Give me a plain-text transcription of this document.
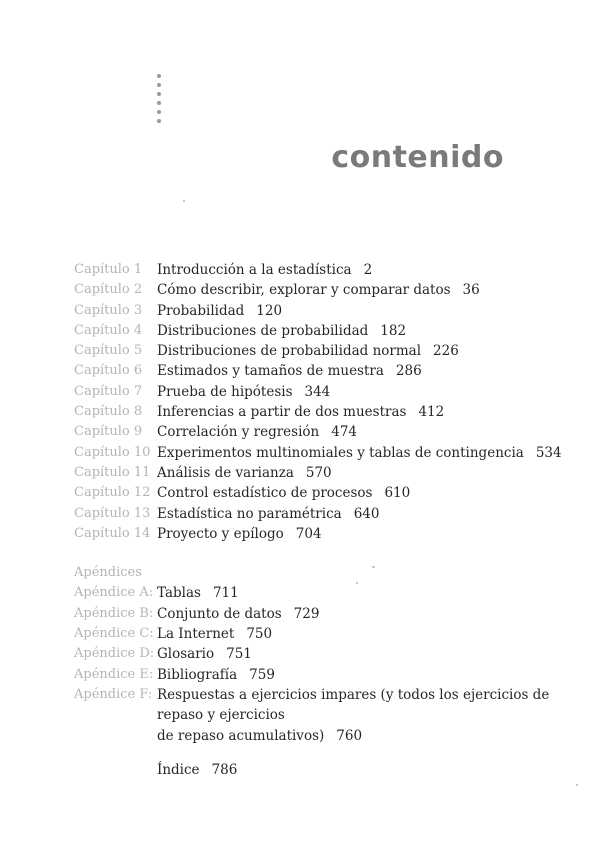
contenido
Capítulo 1	Introducción a la estadística 2
Capítulo 2	Cómo describir, explorar y comparar datos 36
Capítulo 3	Probabilidad 120
Capítulo 4	Distribuciones de probabilidad 182
Capítulo 5	Distribuciones de probabilidad normal 226
Capítulo 6	Estimados y tamaños de muestra 286
Capítulo 7	Prueba de hipótesis 344
Capítulo 8	Inferencias a partir de dos muestras 412
Capítulo 9	Correlación y regresión 474
Capítulo 10 Experimentos multinomiales y tablas de contingencia 534
Capítulo 11 Análisis de varianza 570
Capítulo 12 Control estadístico de procesos 610
Capítulo 13 Estadística no paramétrica 640
Capítulo 14 Proyecto y epílogo 704
Apéndices
Apéndice A: Tablas 711
Apéndice B: Conjunto de datos 729
Apéndice C: La Internet 750
Apéndice D: Glosario 751
Apéndice E: Bibliografía 759
Apéndice F: Respuestas a ejercicios impares (y todos los ejercicios de repaso y ejercicios
de repaso acumulativos) 760
Índice 786
